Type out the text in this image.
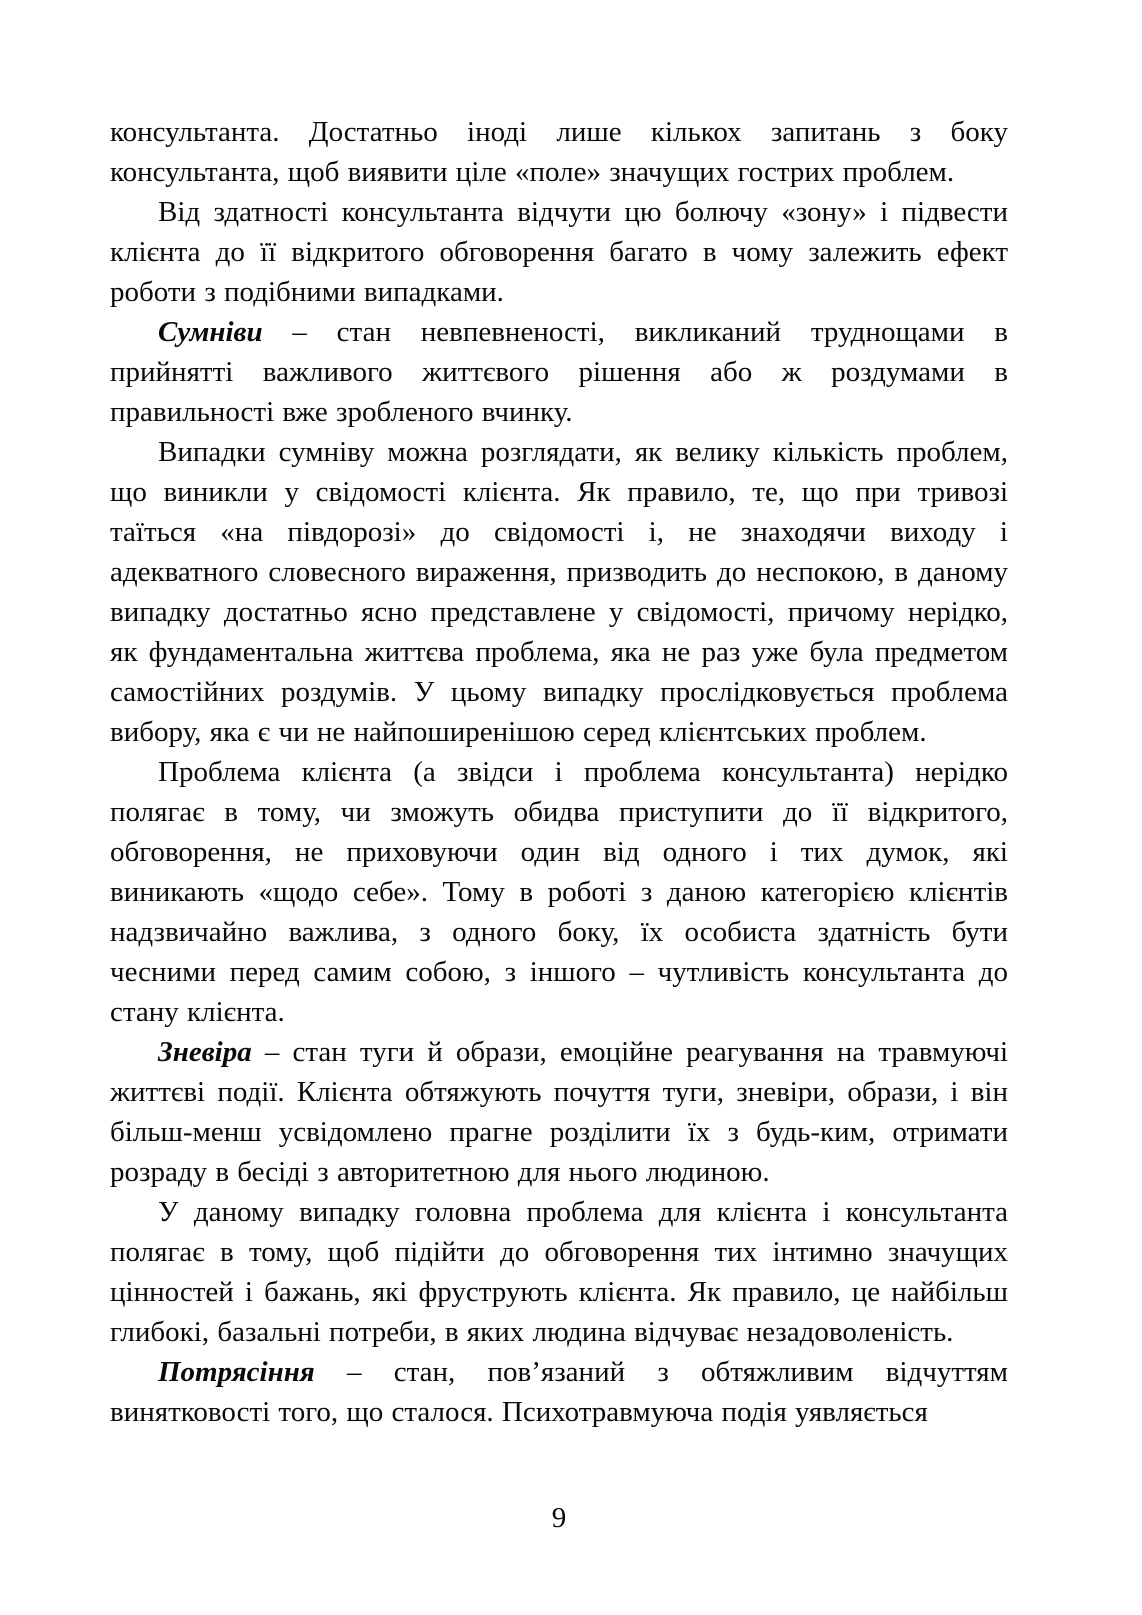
консультанта. Достатньо іноді лише кількох запитань з боку консультанта, щоб виявити ціле «поле» значущих гострих проблем.

Від здатності консультанта відчути цю болючу «зону» і підвести клієнта до її відкритого обговорення багато в чому залежить ефект роботи з подібними випадками.

Сумніви – стан невпевненості, викликаний труднощами в прийнятті важливого життєвого рішення або ж роздумами в правильності вже зробленого вчинку.

Випадки сумніву можна розглядати, як велику кількість проблем, що виникли у свідомості клієнта. Як правило, те, що при тривозі таїться «на півдорозі» до свідомості і, не знаходячи виходу і адекватного словесного вираження, призводить до неспокою, в даному випадку достатньо ясно представлене у свідомості, причому нерідко, як фундаментальна життєва проблема, яка не раз уже була предметом самостійних роздумів. У цьому випадку прослідковується проблема вибору, яка є чи не найпоширенішою серед клієнтських проблем.

Проблема клієнта (а звідси і проблема консультанта) нерідко полягає в тому, чи зможуть обидва приступити до її відкритого, обговорення, не приховуючи один від одного і тих думок, які виникають «щодо себе». Тому в роботі з даною категорією клієнтів надзвичайно важлива, з одного боку, їх особиста здатність бути чесними перед самим собою, з іншого – чутливість консультанта до стану клієнта.

Зневіра – стан туги й образи, емоційне реагування на травмуючі життєві події. Клієнта обтяжують почуття туги, зневіри, образи, і він більш-менш усвідомлено прагне розділити їх з будь-ким, отримати розраду в бесіді з авторитетною для нього людиною.

У даному випадку головна проблема для клієнта і консультанта полягає в тому, щоб підійти до обговорення тих інтимно значущих цінностей і бажань, які фруструють клієнта. Як правило, це найбільш глибокі, базальні потреби, в яких людина відчуває незадоволеність.

Потрясіння – стан, пов’язаний з обтяжливим відчуттям винятковості того, що сталося. Психотравмуюча подія уявляється

9
